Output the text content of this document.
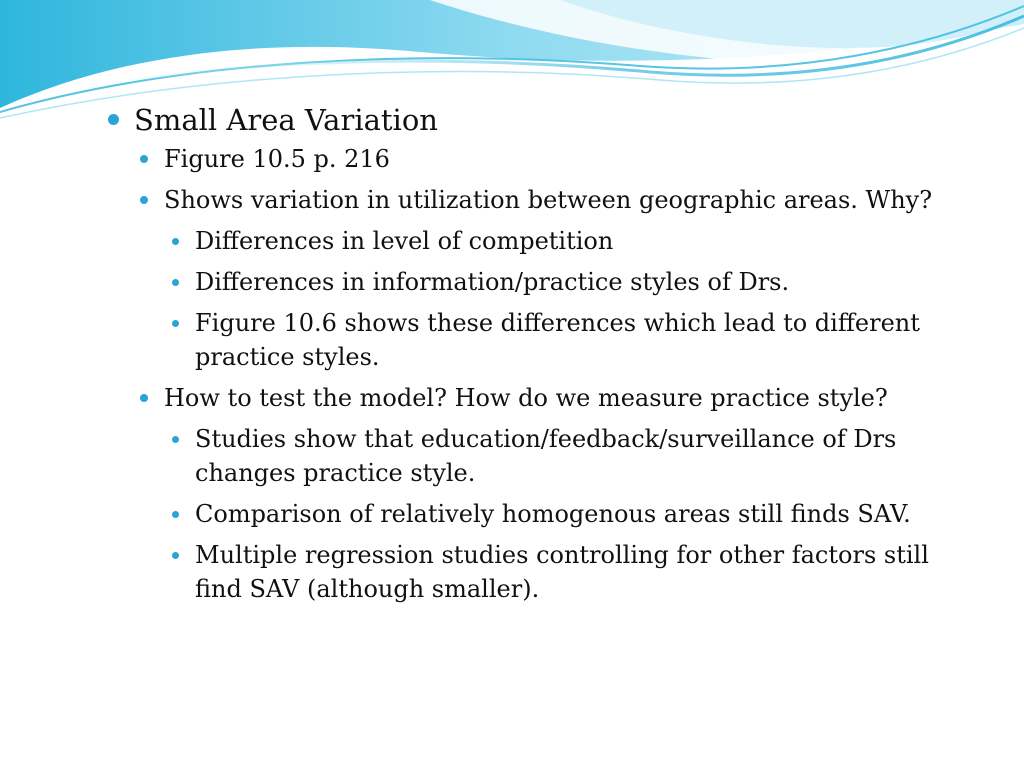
Small Area Variation
Figure 10.5 p. 216
Shows variation in utilization between geographic areas. Why?
Differences in level of competition
Differences in information/practice styles of Drs.
Figure 10.6 shows these differences which lead to different practice styles.
How to test the model? How do we measure practice style?
Studies show that education/feedback/surveillance of Drs changes practice style.
Comparison of relatively homogenous areas still finds SAV.
Multiple regression studies controlling for other factors still find SAV (although smaller).
